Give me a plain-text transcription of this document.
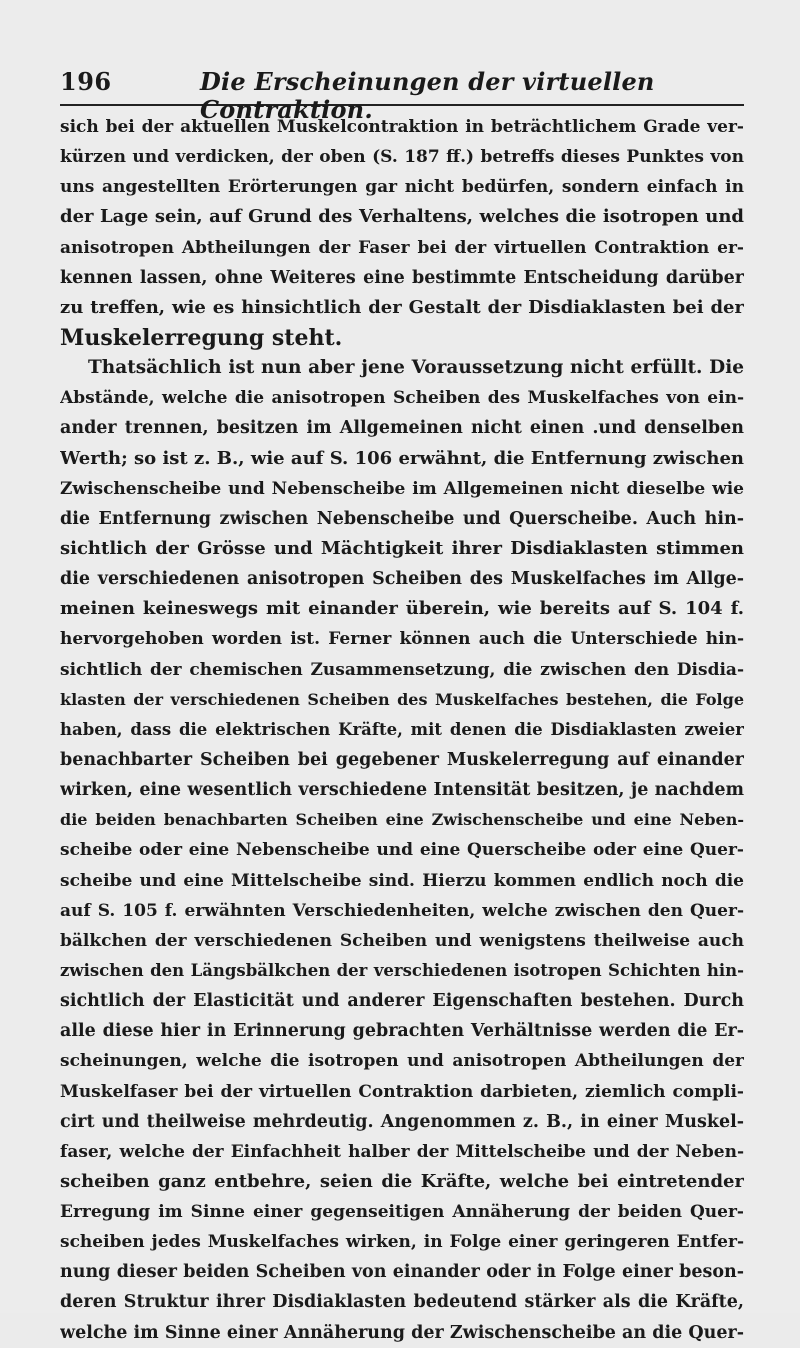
196	Die Erscheinungen der virtuellen Contraktion.
sich bei der aktuellen Muskelcontraktion in beträchtlichem Grade ver-
kürzen und verdicken, der oben (S. 187 ff.) betreffs dieses Punktes von
uns angestellten Erörterungen gar nicht bedürfen, sondern einfach in
der Lage sein, auf Grund des Verhaltens, welches die isotropen und
anisotropen Abtheilungen der Faser bei der virtuellen Contraktion er-
kennen lassen, ohne Weiteres eine bestimmte Entscheidung darüber
zu treffen, wie es hinsichtlich der Gestalt der Disdiaklasten bei der
Muskelerregung steht.
Thatsächlich ist nun aber jene Voraussetzung nicht erfüllt. Die
Abstände, welche die anisotropen Scheiben des Muskelfaches von ein-
ander trennen, besitzen im Allgemeinen nicht einen .und denselben
Werth; so ist z. B., wie auf S. 106 erwähnt, die Entfernung zwischen
Zwischenscheibe und Nebenscheibe im Allgemeinen nicht dieselbe wie
die Entfernung zwischen Nebenscheibe und Querscheibe. Auch hin-
sichtlich der Grösse und Mächtigkeit ihrer Disdiaklasten stimmen
die verschiedenen anisotropen Scheiben des Muskelfaches im Allge-
meinen keineswegs mit einander überein, wie bereits auf S. 104 f.
hervorgehoben worden ist. Ferner können auch die Unterschiede hin-
sichtlich der chemischen Zusammensetzung, die zwischen den Disdia-
klasten der verschiedenen Scheiben des Muskelfaches bestehen, die Folge
haben, dass die elektrischen Kräfte, mit denen die Disdiaklasten zweier
benachbarter Scheiben bei gegebener Muskelerregung auf einander
wirken, eine wesentlich verschiedene Intensität besitzen, je nachdem
die beiden benachbarten Scheiben eine Zwischenscheibe und eine Neben-
scheibe oder eine Nebenscheibe und eine Querscheibe oder eine Quer-
scheibe und eine Mittelscheibe sind. Hierzu kommen endlich noch die
auf S. 105 f. erwähnten Verschiedenheiten, welche zwischen den Quer-
bälkchen der verschiedenen Scheiben und wenigstens theilweise auch
zwischen den Längsbälkchen der verschiedenen isotropen Schichten hin-
sichtlich der Elasticität und anderer Eigenschaften bestehen. Durch
alle diese hier in Erinnerung gebrachten Verhältnisse werden die Er-
scheinungen, welche die isotropen und anisotropen Abtheilungen der
Muskelfaser bei der virtuellen Contraktion darbieten, ziemlich compli-
cirt und theilweise mehrdeutig. Angenommen z. B., in einer Muskel-
faser, welche der Einfachheit halber der Mittelscheibe und der Neben-
scheiben ganz entbehre, seien die Kräfte, welche bei eintretender
Erregung im Sinne einer gegenseitigen Annäherung der beiden Quer-
scheiben jedes Muskelfaches wirken, in Folge einer geringeren Entfer-
nung dieser beiden Scheiben von einander oder in Folge einer beson-
deren Struktur ihrer Disdiaklasten bedeutend stärker als die Kräfte,
welche im Sinne einer Annäherung der Zwischenscheibe an die Quer-
